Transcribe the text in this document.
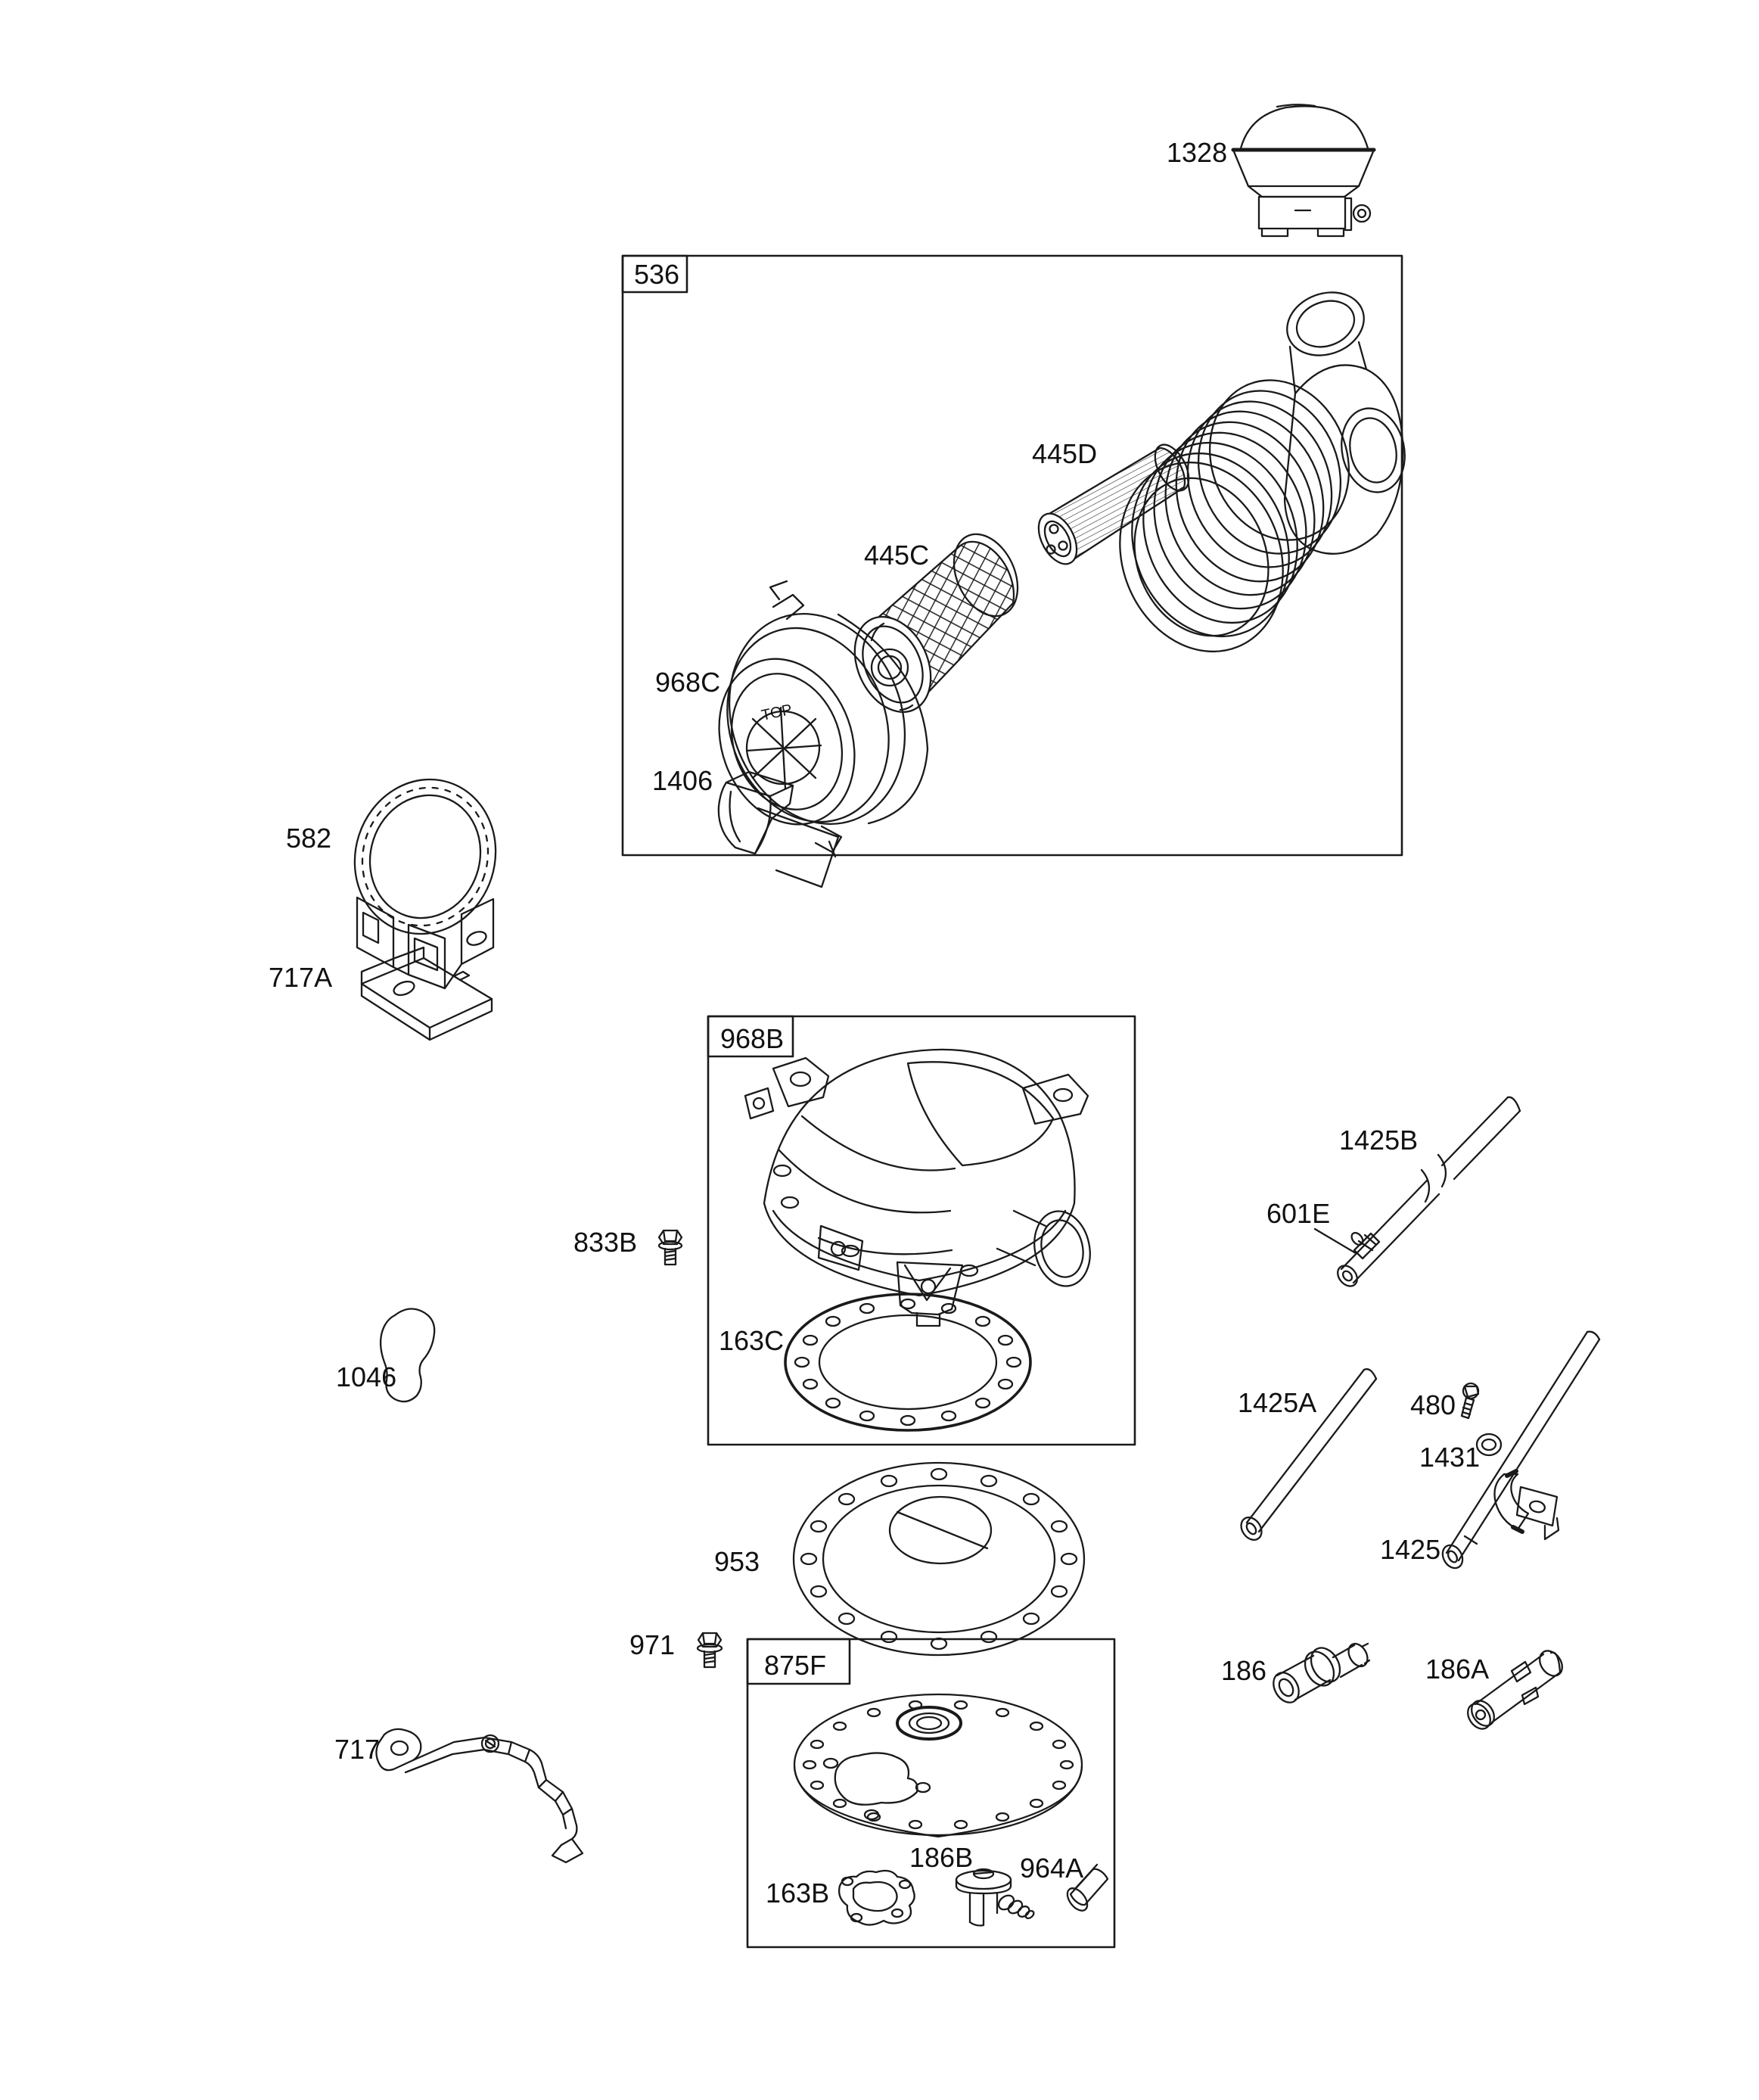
TOP
1328
536
445D
445C
968C
1406
582
717A
968B
833B
163C
1046
1425B
601E
1425A	480
1431
1425
953
971
875F
163B
186B 964A
186	186A
717
